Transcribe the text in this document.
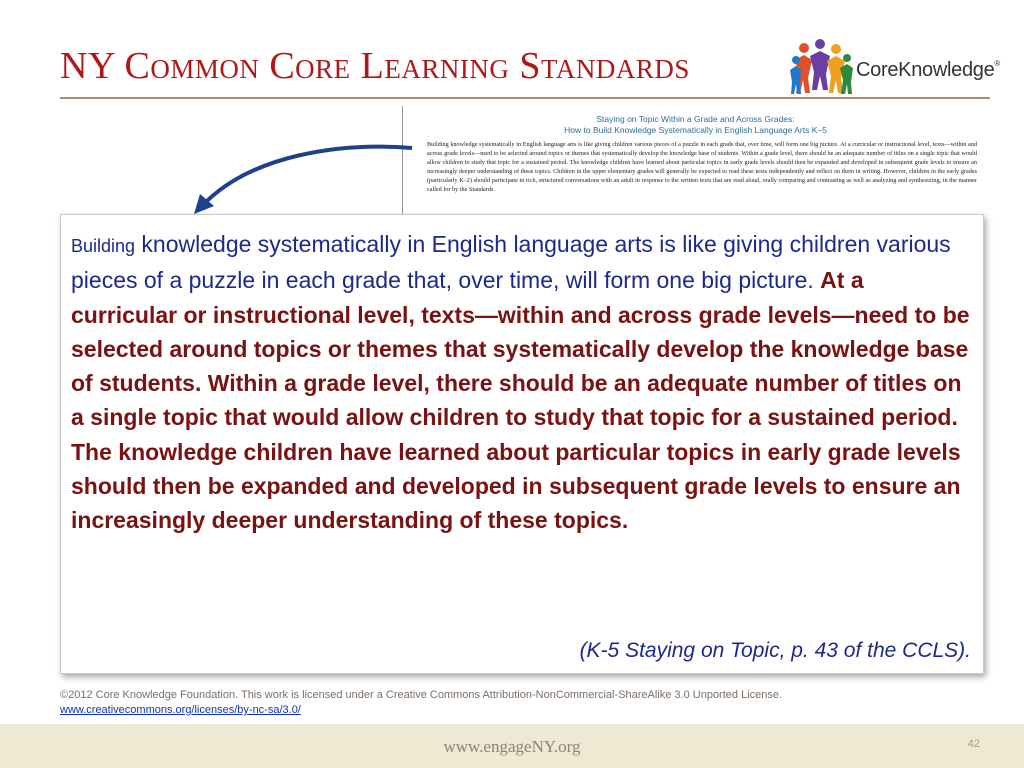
NY Common Core Learning Standards	CoreKnowledge®
Staying on Topic Within a Grade and Across Grades:
How to Build Knowledge Systematically in English Language Arts K–5
Building knowledge systematically in English language arts is like giving children various pieces of a puzzle in each grade that, over time, will form one big picture. At a curricular or instructional level, texts—within and across grade levels—need to be selected around topics or themes that systematically develop the knowledge base of students. Within a grade level, there should be an adequate number of titles on a single topic that would allow children to study that topic for a sustained period. The knowledge children have learned about particular topics in early grade levels should then be expanded and developed in subsequent grade levels to ensure an increasingly deeper understanding of these topics. Children in the upper elementary grades will generally be expected to read these texts independently and reflect on them in writing. However, children in the early grades (particularly K–2) should participate in rich, structured conversations with an adult in response to the written texts that are read aloud, orally comparing and contrasting as well as analyzing and synthesizing, in the manner called for by the Standards.
Building knowledge systematically in English language arts is like giving children various pieces of a puzzle in each grade that, over time, will form one big picture. At a curricular or instructional level, texts—within and across grade levels—need to be selected around topics or themes that systematically develop the knowledge base of students. Within a grade level, there should be an adequate number of titles on a single topic that would allow children to study that topic for a sustained period. The knowledge children have learned about particular topics in early grade levels should then be expanded and developed in subsequent grade levels to ensure an increasingly deeper understanding of these topics.
(K-5 Staying on Topic, p. 43 of the CCLS).
©2012 Core Knowledge Foundation. This work is licensed under a Creative Commons Attribution-NonCommercial-ShareAlike 3.0 Unported License.
www.creativecommons.org/licenses/by-nc-sa/3.0/
www.engageNY.org	42
